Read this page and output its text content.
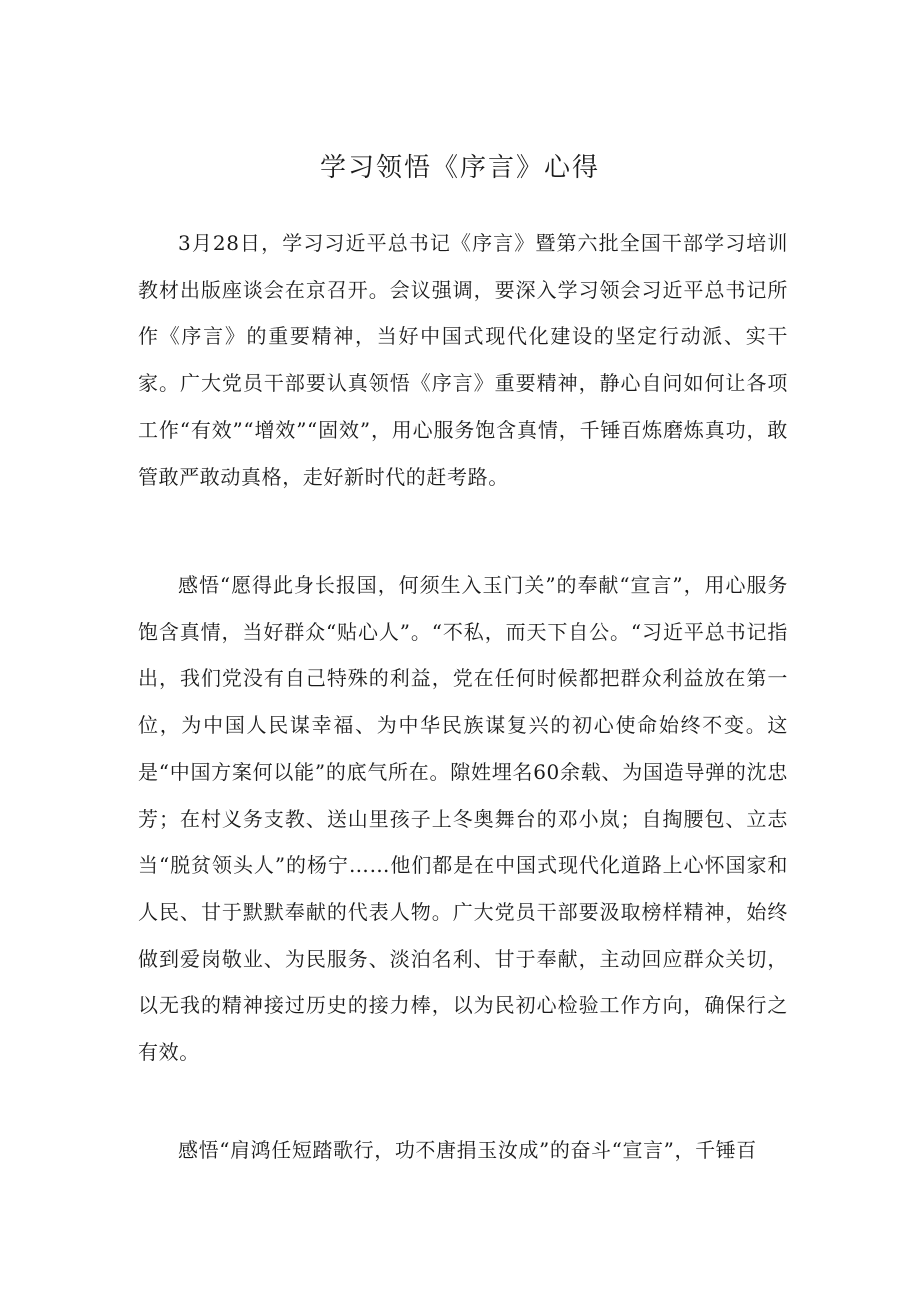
学习领悟《序言》心得

3月28日，学习习近平总书记《序言》暨第六批全国干部学习培训教材出版座谈会在京召开。会议强调，要深入学习领会习近平总书记所作《序言》的重要精神，当好中国式现代化建设的坚定行动派、实干家。广大党员干部要认真领悟《序言》重要精神，静心自问如何让各项工作“有效”“增效”“固效”，用心服务饱含真情，千锤百炼磨炼真功，敢管敢严敢动真格，走好新时代的赶考路。

感悟“愿得此身长报国，何须生入玉门关”的奉献“宣言”，用心服务饱含真情，当好群众“贴心人”。“不私，而天下自公。“习近平总书记指出，我们党没有自己特殊的利益，党在任何时候都把群众利益放在第一位，为中国人民谋幸福、为中华民族谋复兴的初心使命始终不变。这是“中国方案何以能”的底气所在。隙姓埋名60余载、为国造导弹的沈忠芳；在村义务支教、送山里孩子上冬奥舞台的邓小岚；自掏腰包、立志当“脱贫领头人”的杨宁……他们都是在中国式现代化道路上心怀国家和人民、甘于默默奉献的代表人物。广大党员干部要汲取榜样精神，始终做到爱岗敬业、为民服务、淡泊名利、甘于奉献，主动回应群众关切，以无我的精神接过历史的接力棒，以为民初心检验工作方向，确保行之有效。

感悟“肩鸿任短踏歌行，功不唐捐玉汝成”的奋斗“宣言”，千锤百
